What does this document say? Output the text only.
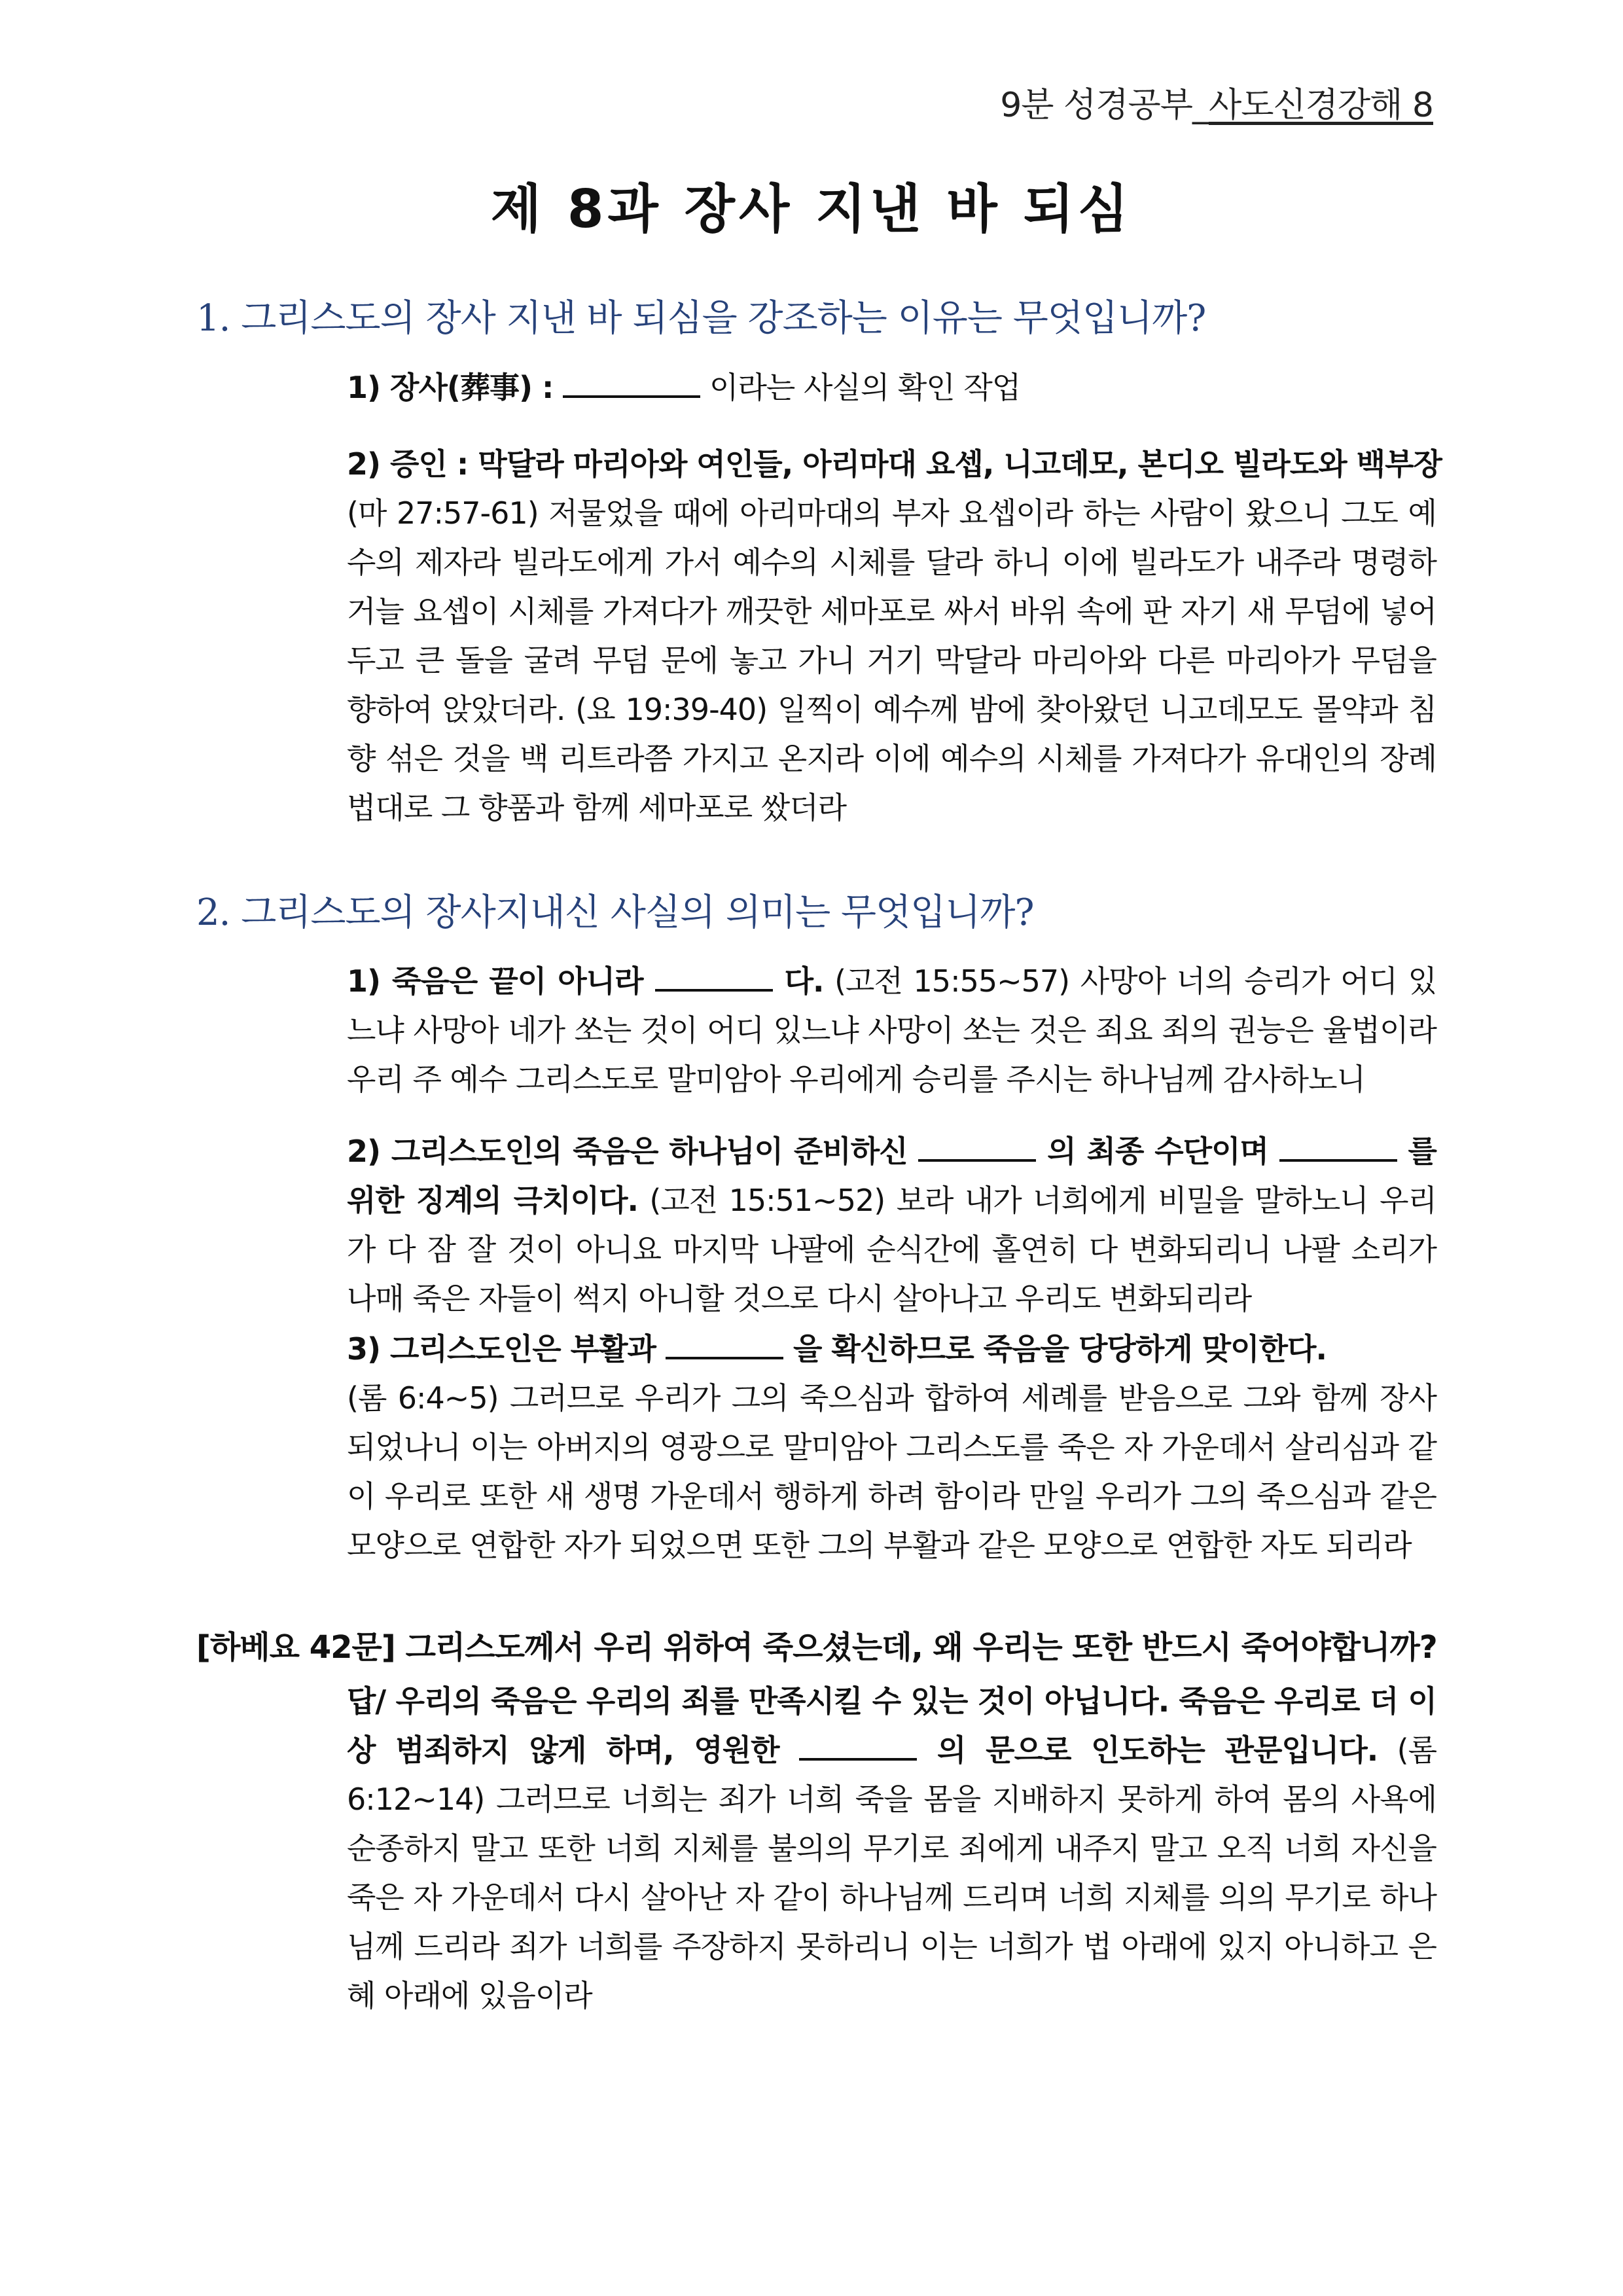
9분 성경공부_사도신경강해 8
제 8과 장사 지낸 바 되심
1. 그리스도의 장사 지낸 바 되심을 강조하는 이유는 무엇입니까?
1) 장사(葬事) :	이라는 사실의 확인 작업
2) 증인 : 막달라 마리아와 여인들, 아리마대 요셉, 니고데모, 본디오 빌라도와 백부장
(마 27:57-61) 저물었을 때에 아리마대의 부자 요셉이라 하는 사람이 왔으니 그도 예수의 제자라 빌라도에게 가서 예수의 시체를 달라 하니 이에 빌라도가 내주라 명령하거늘 요셉이 시체를 가져다가 깨끗한 세마포로 싸서 바위 속에 판 자기 새 무덤에 넣어 두고 큰 돌을 굴려 무덤 문에 놓고 가니 거기 막달라 마리아와 다른 마리아가 무덤을 향하여 앉았더라. (요 19:39-40) 일찍이 예수께 밤에 찾아왔던 니고데모도 몰약과 침향 섞은 것을 백 리트라쯤 가지고 온지라 이에 예수의 시체를 가져다가 유대인의 장례 법대로 그 향품과 함께 세마포로 쌌더라
2. 그리스도의 장사지내신 사실의 의미는 무엇입니까?
1) 죽음은 끝이 아니라	다. (고전 15:55~57) 사망아 너의 승리가 어디 있느냐 사망아 네가 쏘는 것이 어디 있느냐 사망이 쏘는 것은 죄요 죄의 권능은 율법이라 우리 주 예수 그리스도로 말미암아 우리에게 승리를 주시는 하나님께 감사하노니
2) 그리스도인의 죽음은 하나님이 준비하신	의 최종 수단이며	를 위한 징계의 극치이다. (고전 15:51~52) 보라 내가 너희에게 비밀을 말하노니 우리가 다 잠 잘 것이 아니요 마지막 나팔에 순식간에 홀연히 다 변화되리니 나팔 소리가 나매 죽은 자들이 썩지 아니할 것으로 다시 살아나고 우리도 변화되리라
3) 그리스도인은 부활과	을 확신하므로 죽음을 당당하게 맞이한다.
(롬 6:4~5) 그러므로 우리가 그의 죽으심과 합하여 세례를 받음으로 그와 함께 장사되었나니 이는 아버지의 영광으로 말미암아 그리스도를 죽은 자 가운데서 살리심과 같이 우리로 또한 새 생명 가운데서 행하게 하려 함이라 만일 우리가 그의 죽으심과 같은 모양으로 연합한 자가 되었으면 또한 그의 부활과 같은 모양으로 연합한 자도 되리라
[하베요 42문] 그리스도께서 우리 위하여 죽으셨는데, 왜 우리는 또한 반드시 죽어야합니까?
답/ 우리의 죽음은 우리의 죄를 만족시킬 수 있는 것이 아닙니다. 죽음은 우리로 더 이상 범죄하지 않게 하며, 영원한	의 문으로 인도하는 관문입니다. (롬 6:12~14) 그러므로 너희는 죄가 너희 죽을 몸을 지배하지 못하게 하여 몸의 사욕에 순종하지 말고 또한 너희 지체를 불의의 무기로 죄에게 내주지 말고 오직 너희 자신을 죽은 자 가운데서 다시 살아난 자 같이 하나님께 드리며 너희 지체를 의의 무기로 하나님께 드리라 죄가 너희를 주장하지 못하리니 이는 너희가 법 아래에 있지 아니하고 은혜 아래에 있음이라
